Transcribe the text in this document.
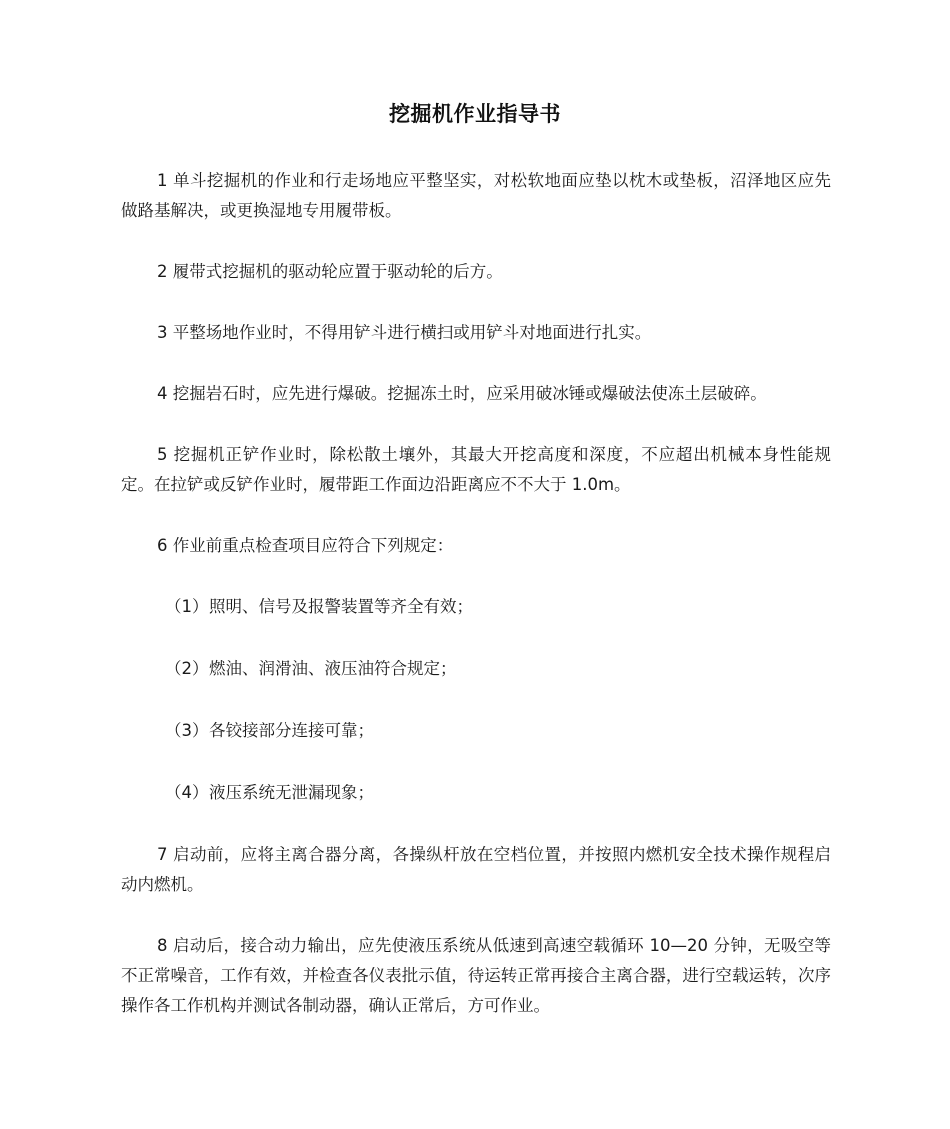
挖掘机作业指导书

1 单斗挖掘机的作业和行走场地应平整坚实，对松软地面应垫以枕木或垫板，沼泽地区应先做路基解决，或更换湿地专用履带板。

2 履带式挖掘机的驱动轮应置于驱动轮的后方。

3 平整场地作业时，不得用铲斗进行横扫或用铲斗对地面进行扎实。

4 挖掘岩石时，应先进行爆破。挖掘冻土时，应采用破冰锤或爆破法使冻土层破碎。

5 挖掘机正铲作业时，除松散土壤外，其最大开挖高度和深度，不应超出机械本身性能规定。在拉铲或反铲作业时，履带距工作面边沿距离应不不大于 1.0m。

6 作业前重点检查项目应符合下列规定：

（1）照明、信号及报警装置等齐全有效；
（2）燃油、润滑油、液压油符合规定；
（3）各铰接部分连接可靠；
（4）液压系统无泄漏现象；

7 启动前，应将主离合器分离，各操纵杆放在空档位置，并按照内燃机安全技术操作规程启动内燃机。

8 启动后，接合动力输出，应先使液压系统从低速到高速空载循环 10—20 分钟，无吸空等不正常噪音，工作有效，并检查各仪表批示值，待运转正常再接合主离合器，进行空载运转，次序操作各工作机构并测试各制动器，确认正常后，方可作业。
